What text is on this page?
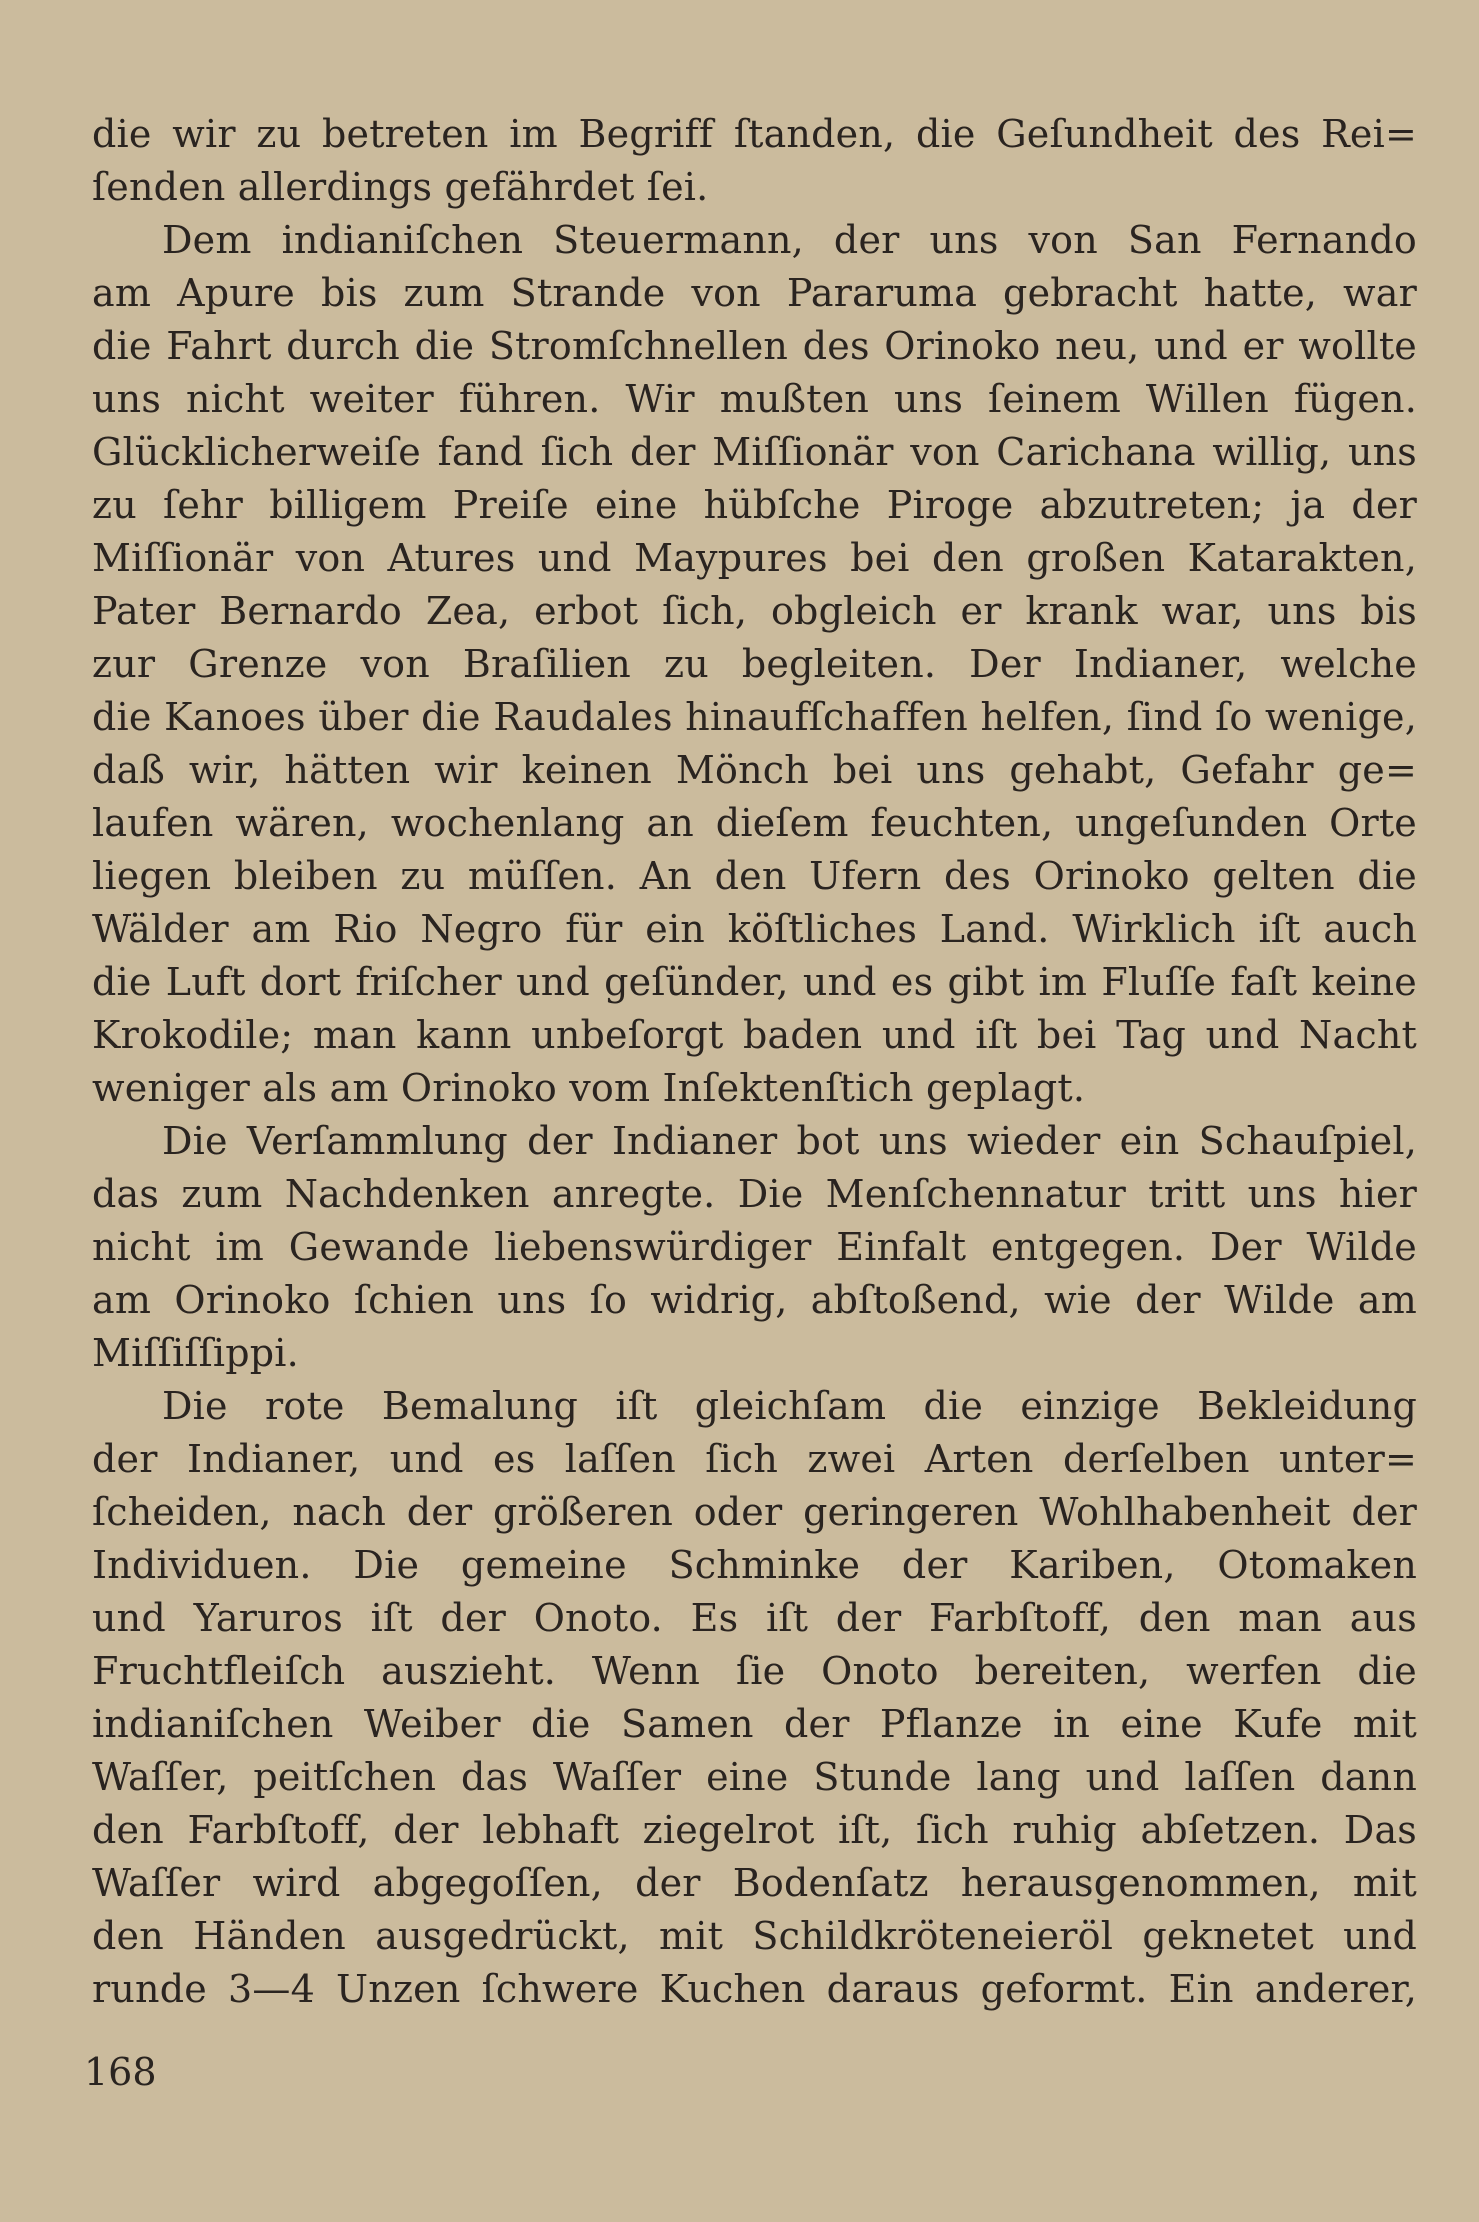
die wir zu betreten im Begriff ſtanden, die Geſundheit des Rei=
ſenden allerdings gefährdet ſei.
Dem indianiſchen Steuermann, der uns von San Fernando
am Apure bis zum Strande von Pararuma gebracht hatte, war
die Fahrt durch die Stromſchnellen des Orinoko neu, und er wollte
uns nicht weiter führen. Wir mußten uns ſeinem Willen fügen.
Glücklicherweiſe fand ſich der Miſſionär von Carichana willig, uns
zu ſehr billigem Preiſe eine hübſche Piroge abzutreten; ja der
Miſſionär von Atures und Maypures bei den großen Katarakten,
Pater Bernardo Zea, erbot ſich, obgleich er krank war, uns bis
zur Grenze von Braſilien zu begleiten. Der Indianer, welche
die Kanoes über die Raudales hinaufſchaffen helfen, ſind ſo wenige,
daß wir, hätten wir keinen Mönch bei uns gehabt, Gefahr ge=
laufen wären, wochenlang an dieſem feuchten, ungeſunden Orte
liegen bleiben zu müſſen. An den Ufern des Orinoko gelten die
Wälder am Rio Negro für ein köſtliches Land. Wirklich iſt auch
die Luft dort friſcher und geſünder, und es gibt im Fluſſe faſt keine
Krokodile; man kann unbeſorgt baden und iſt bei Tag und Nacht
weniger als am Orinoko vom Inſektenſtich geplagt.
Die Verſammlung der Indianer bot uns wieder ein Schauſpiel,
das zum Nachdenken anregte. Die Menſchennatur tritt uns hier
nicht im Gewande liebenswürdiger Einfalt entgegen. Der Wilde
am Orinoko ſchien uns ſo widrig, abſtoßend, wie der Wilde am
Miſſiſſippi.
Die rote Bemalung iſt gleichſam die einzige Bekleidung
der Indianer, und es laſſen ſich zwei Arten derſelben unter=
ſcheiden, nach der größeren oder geringeren Wohlhabenheit der
Individuen. Die gemeine Schminke der Kariben, Otomaken
und Yaruros iſt der Onoto. Es iſt der Farbſtoff, den man aus
Fruchtfleiſch auszieht. Wenn ſie Onoto bereiten, werfen die
indianiſchen Weiber die Samen der Pflanze in eine Kufe mit
Waſſer, peitſchen das Waſſer eine Stunde lang und laſſen dann
den Farbſtoff, der lebhaft ziegelrot iſt, ſich ruhig abſetzen. Das
Waſſer wird abgegoſſen, der Bodenſatz herausgenommen, mit
den Händen ausgedrückt, mit Schildkröteneieröl geknetet und
runde 3—4 Unzen ſchwere Kuchen daraus geformt. Ein anderer,
168
